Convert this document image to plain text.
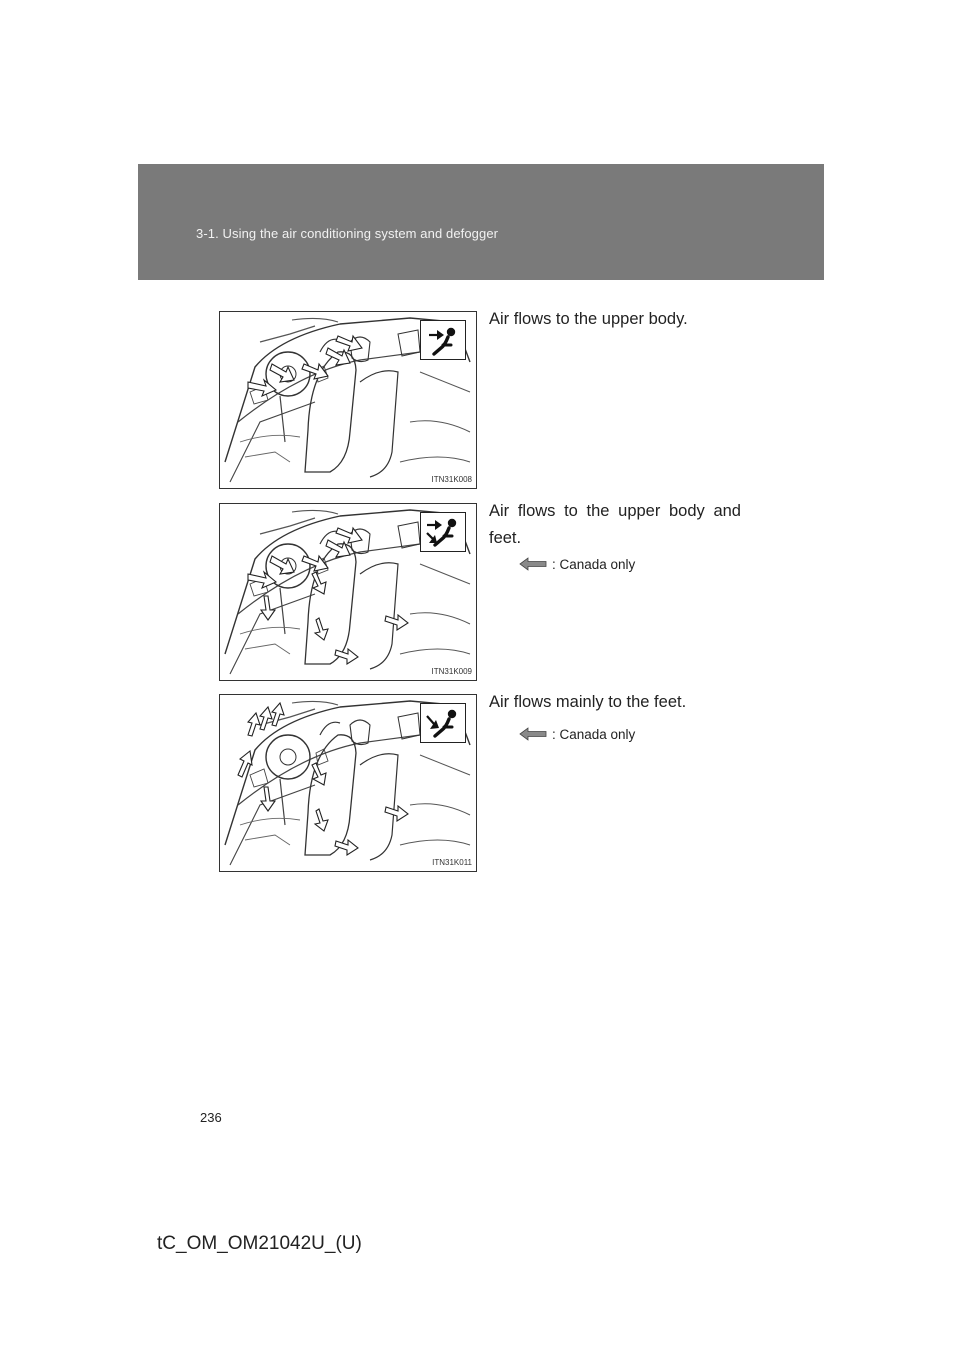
3-1. Using the air conditioning system and defogger
ITN31K008
Air flows to the upper body.
ITN31K009
Air flows to the upper body and feet.
: Canada only
ITN31K011
Air flows mainly to the feet.
: Canada only
236
tC_OM_OM21042U_(U)
